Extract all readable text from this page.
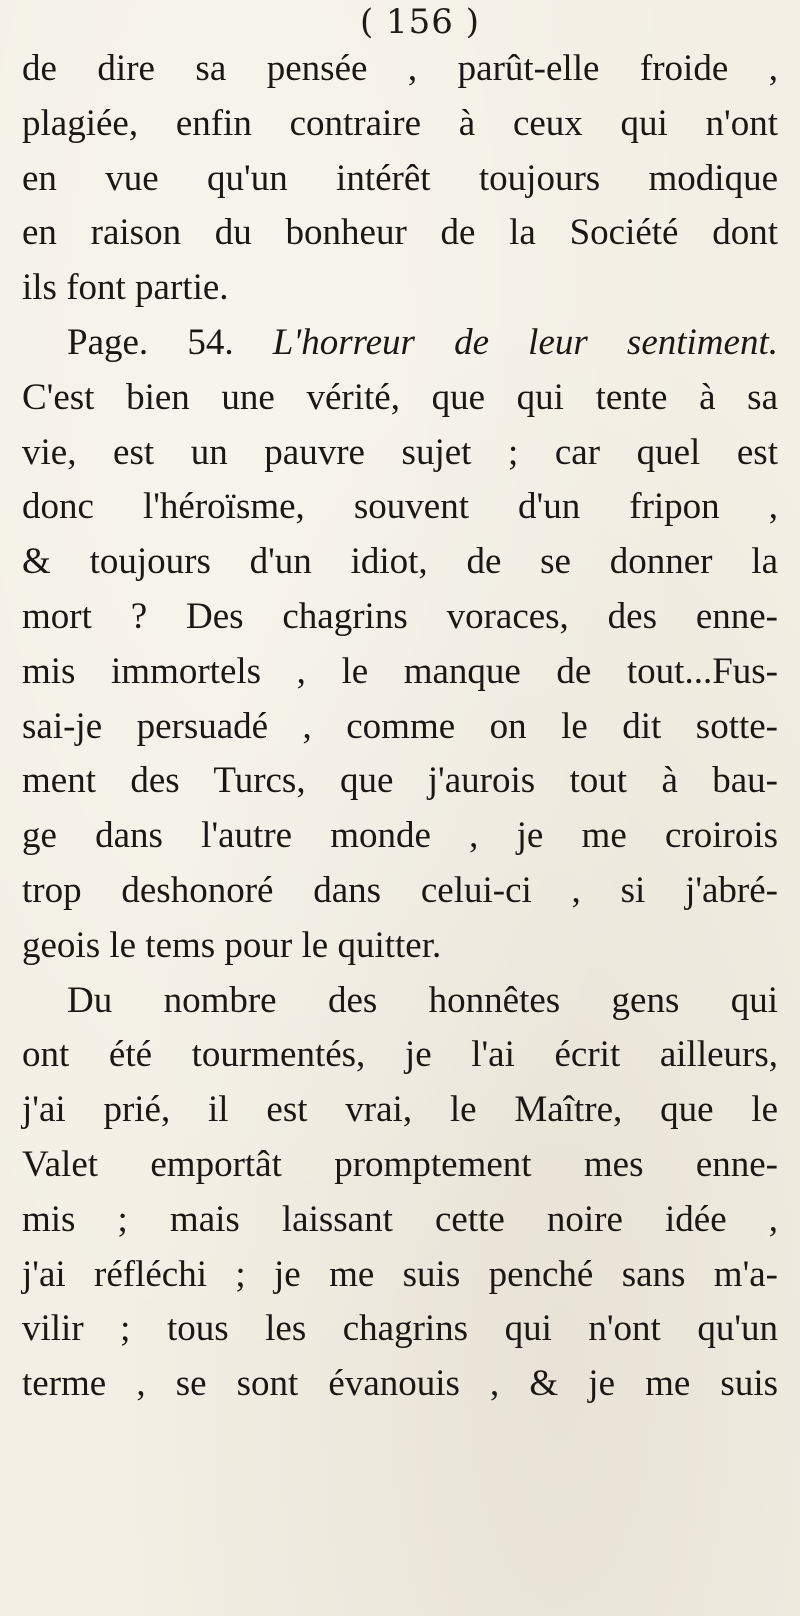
( 156 )
de dire sa pensée , parût-elle froide ,
plagiée, enfin contraire à ceux qui n'ont
en vue qu'un intérêt toujours modique
en raison du bonheur de la Société dont
ils font partie.
Page. 54. L'horreur de leur sentiment.
C'est bien une vérité, que qui tente à sa
vie, est un pauvre sujet ; car quel est
donc l'héroïsme, souvent d'un fripon ,
& toujours d'un idiot, de se donner la
mort ? Des chagrins voraces, des enne-
mis immortels , le manque de tout...Fus-
sai-je persuadé , comme on le dit sotte-
ment des Turcs, que j'aurois tout à bau-
ge dans l'autre monde , je me croirois
trop deshonoré dans celui-ci , si j'abré-
geois le tems pour le quitter.
Du nombre des honnêtes gens qui
ont été tourmentés, je l'ai écrit ailleurs,
j'ai prié, il est vrai, le Maître, que le
Valet emportât promptement mes enne-
mis ; mais laissant cette noire idée ,
j'ai réfléchi ; je me suis penché sans m'a-
vilir ; tous les chagrins qui n'ont qu'un
terme , se sont évanouis , & je me suis
